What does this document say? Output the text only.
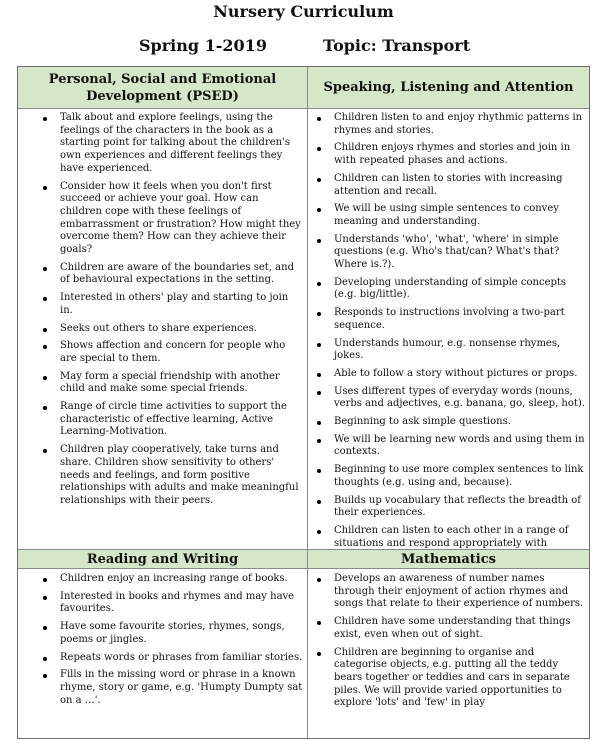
Nursery Curriculum
Spring 1-2019	Topic: Transport
Personal, Social and Emotional Development (PSED)
Speaking, Listening and Attention
Talk about and explore feelings, using the feelings of the characters in the book as a starting point for talking about the children's own experiences and different feelings they have experienced.
Consider how it feels when you don't first succeed or achieve your goal. How can children cope with these feelings of embarrassment or frustration? How might they overcome them? How can they achieve their goals?
Children are aware of the boundaries set, and of behavioural expectations in the setting.
Interested in others' play and starting to join in.
Seeks out others to share experiences.
Shows affection and concern for people who are special to them.
May form a special friendship with another child and make some special friends.
Range of circle time activities to support the characteristic of effective learning, Active Learning-Motivation.
Children play cooperatively, take turns and share. Children show sensitivity to others' needs and feelings, and form positive relationships with adults and make meaningful relationships with their peers.
Children listen to and enjoy rhythmic patterns in rhymes and stories.
Children enjoys rhymes and stories and join in with repeated phases and actions.
Children can listen to stories with increasing attention and recall.
We will be using simple sentences to convey meaning and understanding.
Understands 'who', 'what', 'where' in simple questions (e.g. Who's that/can? What's that? Where is.?).
Developing understanding of simple concepts (e.g. big/little).
Responds to instructions involving a two-part sequence.
Understands humour, e.g. nonsense rhymes, jokes.
Able to follow a story without pictures or props.
Uses different types of everyday words (nouns, verbs and adjectives, e.g. banana, go, sleep, hot).
Beginning to ask simple questions.
We will be learning new words and using them in contexts.
Beginning to use more complex sentences to link thoughts (e.g. using and, because).
Builds up vocabulary that reflects the breadth of their experiences.
Children can listen to each other in a range of situations and respond appropriately with
Reading and Writing	Mathematics
Children enjoy an increasing range of books.
Interested in books and rhymes and may have favourites.
Have some favourite stories, rhymes, songs, poems or jingles.
Repeats words or phrases from familiar stories.
Fills in the missing word or phrase in a known rhyme, story or game, e.g. 'Humpty Dumpty sat on a …'.
Develops an awareness of number names through their enjoyment of action rhymes and songs that relate to their experience of numbers.
Children have some understanding that things exist, even when out of sight.
Children are beginning to organise and categorise objects, e.g. putting all the teddy bears together or teddies and cars in separate piles. We will provide varied opportunities to explore 'lots' and 'few' in play
